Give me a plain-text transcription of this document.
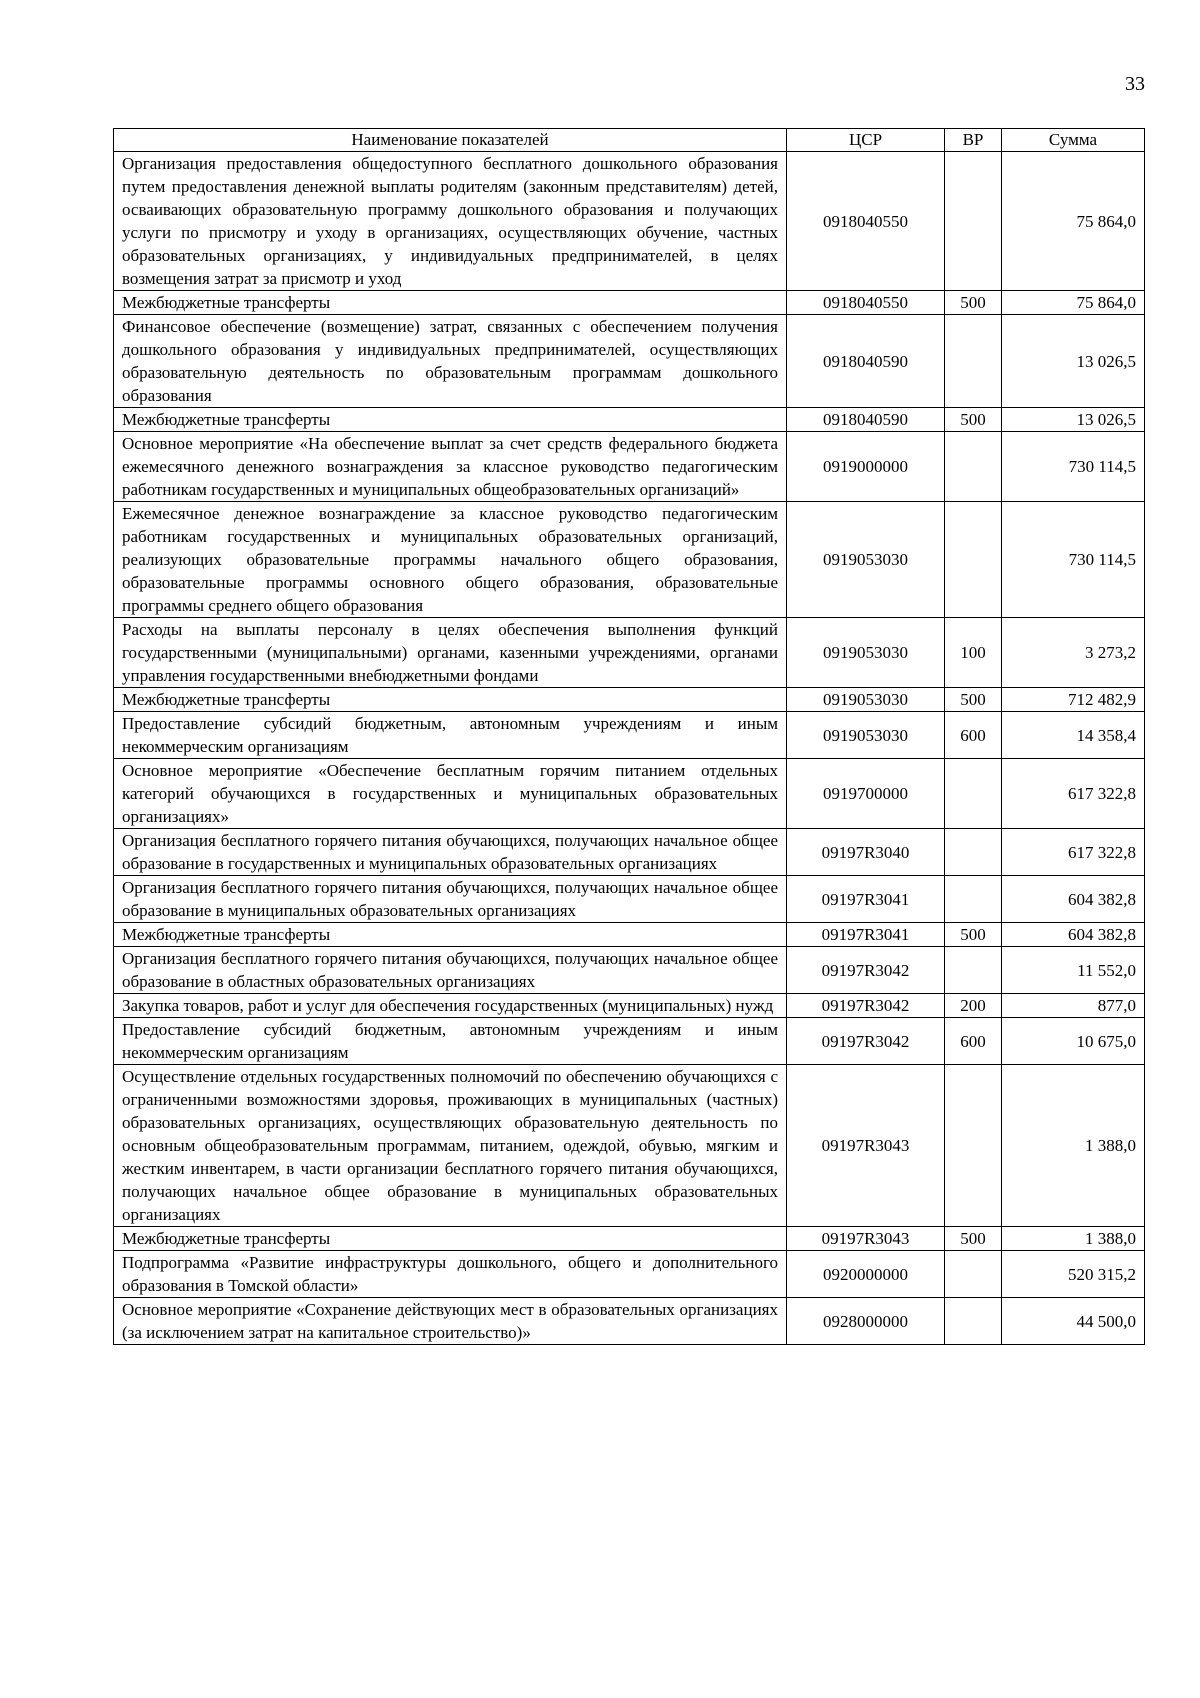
33
Наименование показателей	ЦСР	ВР	Сумма
Организация предоставления общедоступного бесплатного дошкольного образования путем предоставления денежной выплаты родителям (законным представителям) детей, осваивающих образовательную программу дошкольного образования и получающих услуги по присмотру и уходу в организациях, осуществляющих обучение, частных образовательных организациях, у индивидуальных предпринимателей, в целях возмещения затрат за присмотр и уход	0918040550		75 864,0
Межбюджетные трансферты	0918040550	500	75 864,0
Финансовое обеспечение (возмещение) затрат, связанных с обеспечением получения дошкольного образования у индивидуальных предпринимателей, осуществляющих образовательную деятельность по образовательным программам дошкольного образования	0918040590		13 026,5
Межбюджетные трансферты	0918040590	500	13 026,5
Основное мероприятие «На обеспечение выплат за счет средств федерального бюджета ежемесячного денежного вознаграждения за классное руководство педагогическим работникам государственных и муниципальных общеобразовательных организаций»	0919000000		730 114,5
Ежемесячное денежное вознаграждение за классное руководство педагогическим работникам государственных и муниципальных образовательных организаций, реализующих образовательные программы начального общего образования, образовательные программы основного общего образования, образовательные программы среднего общего образования	0919053030		730 114,5
Расходы на выплаты персоналу в целях обеспечения выполнения функций государственными (муниципальными) органами, казенными учреждениями, органами управления государственными внебюджетными фондами	0919053030	100	3 273,2
Межбюджетные трансферты	0919053030	500	712 482,9
Предоставление субсидий бюджетным, автономным учреждениям и иным некоммерческим организациям	0919053030	600	14 358,4
Основное мероприятие «Обеспечение бесплатным горячим питанием отдельных категорий обучающихся в государственных и муниципальных образовательных организациях»	0919700000		617 322,8
Организация бесплатного горячего питания обучающихся, получающих начальное общее образование в государственных и муниципальных образовательных организациях	09197R3040		617 322,8
Организация бесплатного горячего питания обучающихся, получающих начальное общее образование в муниципальных образовательных организациях	09197R3041		604 382,8
Межбюджетные трансферты	09197R3041	500	604 382,8
Организация бесплатного горячего питания обучающихся, получающих начальное общее образование в областных образовательных организациях	09197R3042		11 552,0
Закупка товаров, работ и услуг для обеспечения государственных (муниципальных) нужд	09197R3042	200	877,0
Предоставление субсидий бюджетным, автономным учреждениям и иным некоммерческим организациям	09197R3042	600	10 675,0
Осуществление отдельных государственных полномочий по обеспечению обучающихся с ограниченными возможностями здоровья, проживающих в муниципальных (частных) образовательных организациях, осуществляющих образовательную деятельность по основным общеобразовательным программам, питанием, одеждой, обувью, мягким и жестким инвентарем, в части организации бесплатного горячего питания обучающихся, получающих начальное общее образование в муниципальных образовательных организациях	09197R3043		1 388,0
Межбюджетные трансферты	09197R3043	500	1 388,0
Подпрограмма «Развитие инфраструктуры дошкольного, общего и дополнительного образования в Томской области»	0920000000		520 315,2
Основное мероприятие «Сохранение действующих мест в образовательных организациях (за исключением затрат на капитальное строительство)»	0928000000		44 500,0
